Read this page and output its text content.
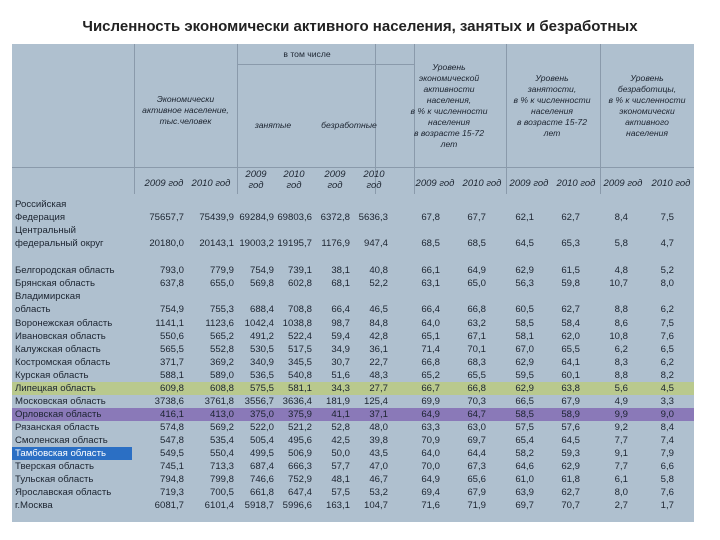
Численность экономически активного населения, занятых и безработных
в том числе
Экономически
активное население,
тыс.человек	занятые	безработные
Уровень
экономической
активности
населения,
в % к численности
населения
в возрасте 15-72
лет
Уровень
занятости,
в % к численности
населения
в возрасте 15-72
лет
Уровень
безработицы,
в % к численности
экономически
активного
населения
2009 год 2010 год
2009
год
2010
год
2009
год
2010
год	2009 год 2010 год 2009 год 2010 год 2009 год 2010 год
Российская
Федерация	75657,7	75439,9 69284,9 69803,6 6372,8 5636,3	67,8	67,7	62,1	62,7	8,4	7,5
Центральный
федеральный округ	20180,0	20143,1 19003,2 19195,7 1176,9	947,4	68,5	68,5	64,5	65,3	5,8	4,7
Белгородская область	793,0	779,9	754,9	739,1	38,1	40,8	66,1	64,9	62,9	61,5	4,8	5,2
Брянская область	637,8	655,0	569,8	602,8	68,1	52,2	63,1	65,0	56,3	59,8	10,7	8,0
Владимирская
область	754,9	755,3	688,4	708,8	66,4	46,5	66,4	66,8	60,5	62,7	8,8	6,2
Воронежская область	1141,1	1123,6	1042,4 1038,8	98,7	84,8	64,0	63,2	58,5	58,4	8,6	7,5
Ивановская область	550,6	565,2	491,2	522,4	59,4	42,8	65,1	67,1	58,1	62,0	10,8	7,6
Калужская область	565,5	552,8	530,5	517,5	34,9	36,1	71,4	70,1	67,0	65,5	6,2	6,5
Костромская область	371,7	369,2	340,9	345,5	30,7	22,7	66,8	68,3	62,9	64,1	8,3	6,2
Курская область	588,1	589,0	536,5	540,8	51,6	48,3	65,2	65,5	59,5	60,1	8,8	8,2
Липецкая область	609,8	608,8	575,5	581,1	34,3	27,7	66,7	66,8	62,9	63,8	5,6	4,5
Московская область	3738,6	3761,8	3556,7 3636,4	181,9	125,4	69,9	70,3	66,5	67,9	4,9	3,3
Орловская область	416,1	413,0	375,0	375,9	41,1	37,1	64,9	64,7	58,5	58,9	9,9	9,0
Рязанская область	574,8	569,2	522,0	521,2	52,8	48,0	63,3	63,0	57,5	57,6	9,2	8,4
Смоленская область	547,8	535,4	505,4	495,6	42,5	39,8	70,9	69,7	65,4	64,5	7,7	7,4
Тамбовская область	549,5	550,4	499,5	506,9	50,0	43,5	64,0	64,4	58,2	59,3	9,1	7,9
Тверская область	745,1	713,3	687,4	666,3	57,7	47,0	70,0	67,3	64,6	62,9	7,7	6,6
Тульская область	794,8	799,8	746,6	752,9	48,1	46,7	64,9	65,6	61,0	61,8	6,1	5,8
Ярославская область	719,3	700,5	661,8	647,4	57,5	53,2	69,4	67,9	63,9	62,7	8,0	7,6
г.Москва	6081,7	6101,4	5918,7 5996,6	163,1	104,7	71,6	71,9	69,7	70,7	2,7	1,7
